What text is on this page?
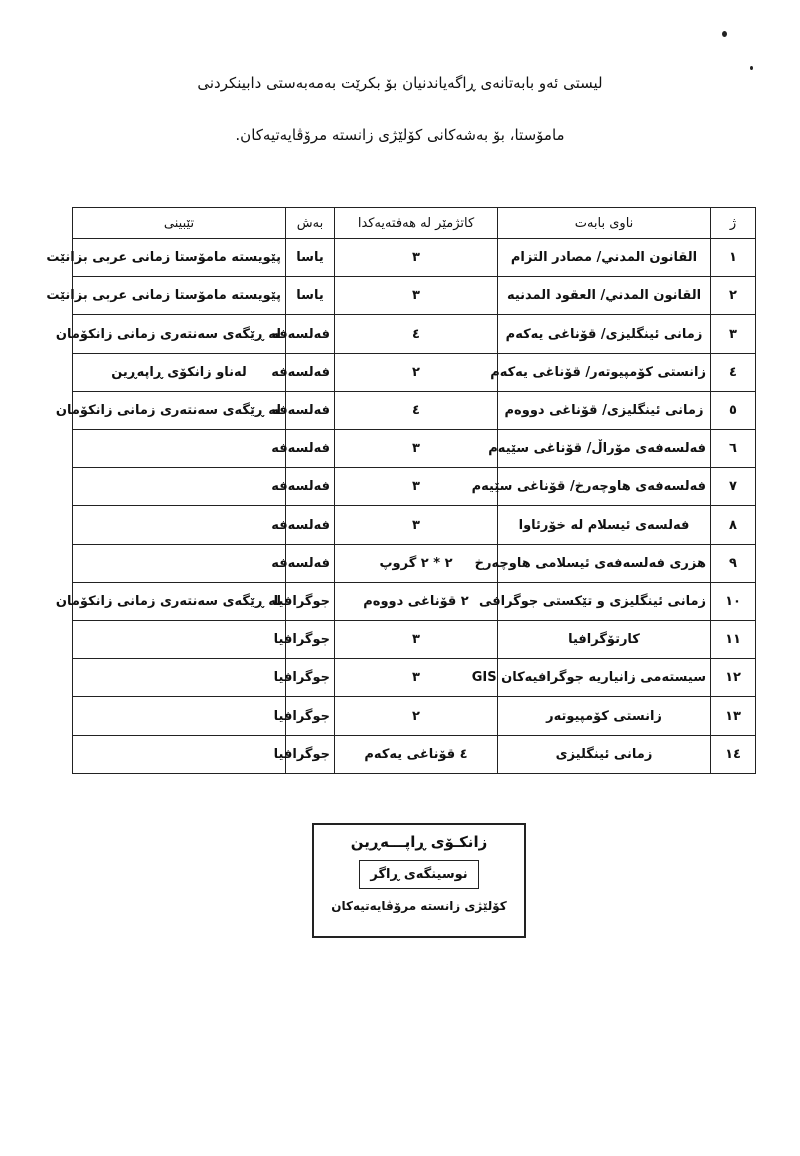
لیستی ئەو بابەتانەی ڕاگەیاندنیان بۆ بکرێت بەمەبەستی دابینکردنی
مامۆستا، بۆ بەشەکانی کۆلێژی زانستە مرۆڤایەتیەکان.
ژ	ناوی بابەت	کاتژمێر لە هەفتەیەکدا	بەش	تێبینی
١	القانون المدني/ مصادر التزام	٣	یاسا	پێویستە مامۆستا زمانی عربی بزانێت
٢	القانون المدني/ العقود المدنیه	٣	یاسا	پێویستە مامۆستا زمانی عربی بزانێت
٣	زمانی ئینگلیزی/ قۆناغی یەکەم	٤	فەلسەفە	لە ڕێگەی سەنتەری زمانی زانکۆمان
٤	زانستی کۆمپیوتەر/ قۆناغی یەکەم	٢	فەلسەفە	لەناو زانکۆی ڕاپەڕین
٥	زمانی ئینگلیزی/ قۆناغی دووەم	٤	فەلسەفە	لە ڕێگەی سەنتەری زمانی زانکۆمان
٦	فەلسەفەی مۆراڵ/ قۆناغی سێیەم	٣	فەلسەفە	
٧	فەلسەفەی هاوچەرخ/ قۆناغی سێیەم	٣	فەلسەفە	
٨	فەلسەی ئیسلام لە خۆرئاوا	٣	فەلسەفە	
٩	هزری فەلسەفەی ئیسلامی هاوچەرخ	٢ * ٢ گروپ	فەلسەفە	
١٠	زمانی ئینگلیزی و تێکستی جوگرافی	٢ قۆناغی دووەم	جوگرافیا	لە ڕێگەی سەنتەری زمانی زانکۆمان
١١	کارتۆگرافیا	٣	جوگرافیا	
١٢	سیستەمی زانیاریە جوگرافیەکان GIS	٣	جوگرافیا	
١٣	زانستی کۆمپیوتەر	٢	جوگرافیا	
١٤	زمانی ئینگلیزی	٤ قۆناغی یەکەم	جوگرافیا	
زانکـۆی ڕاپـــەڕین
نوسینگەی ڕاگر
کۆلێژی زانستە مرۆڤایەتیەکان
